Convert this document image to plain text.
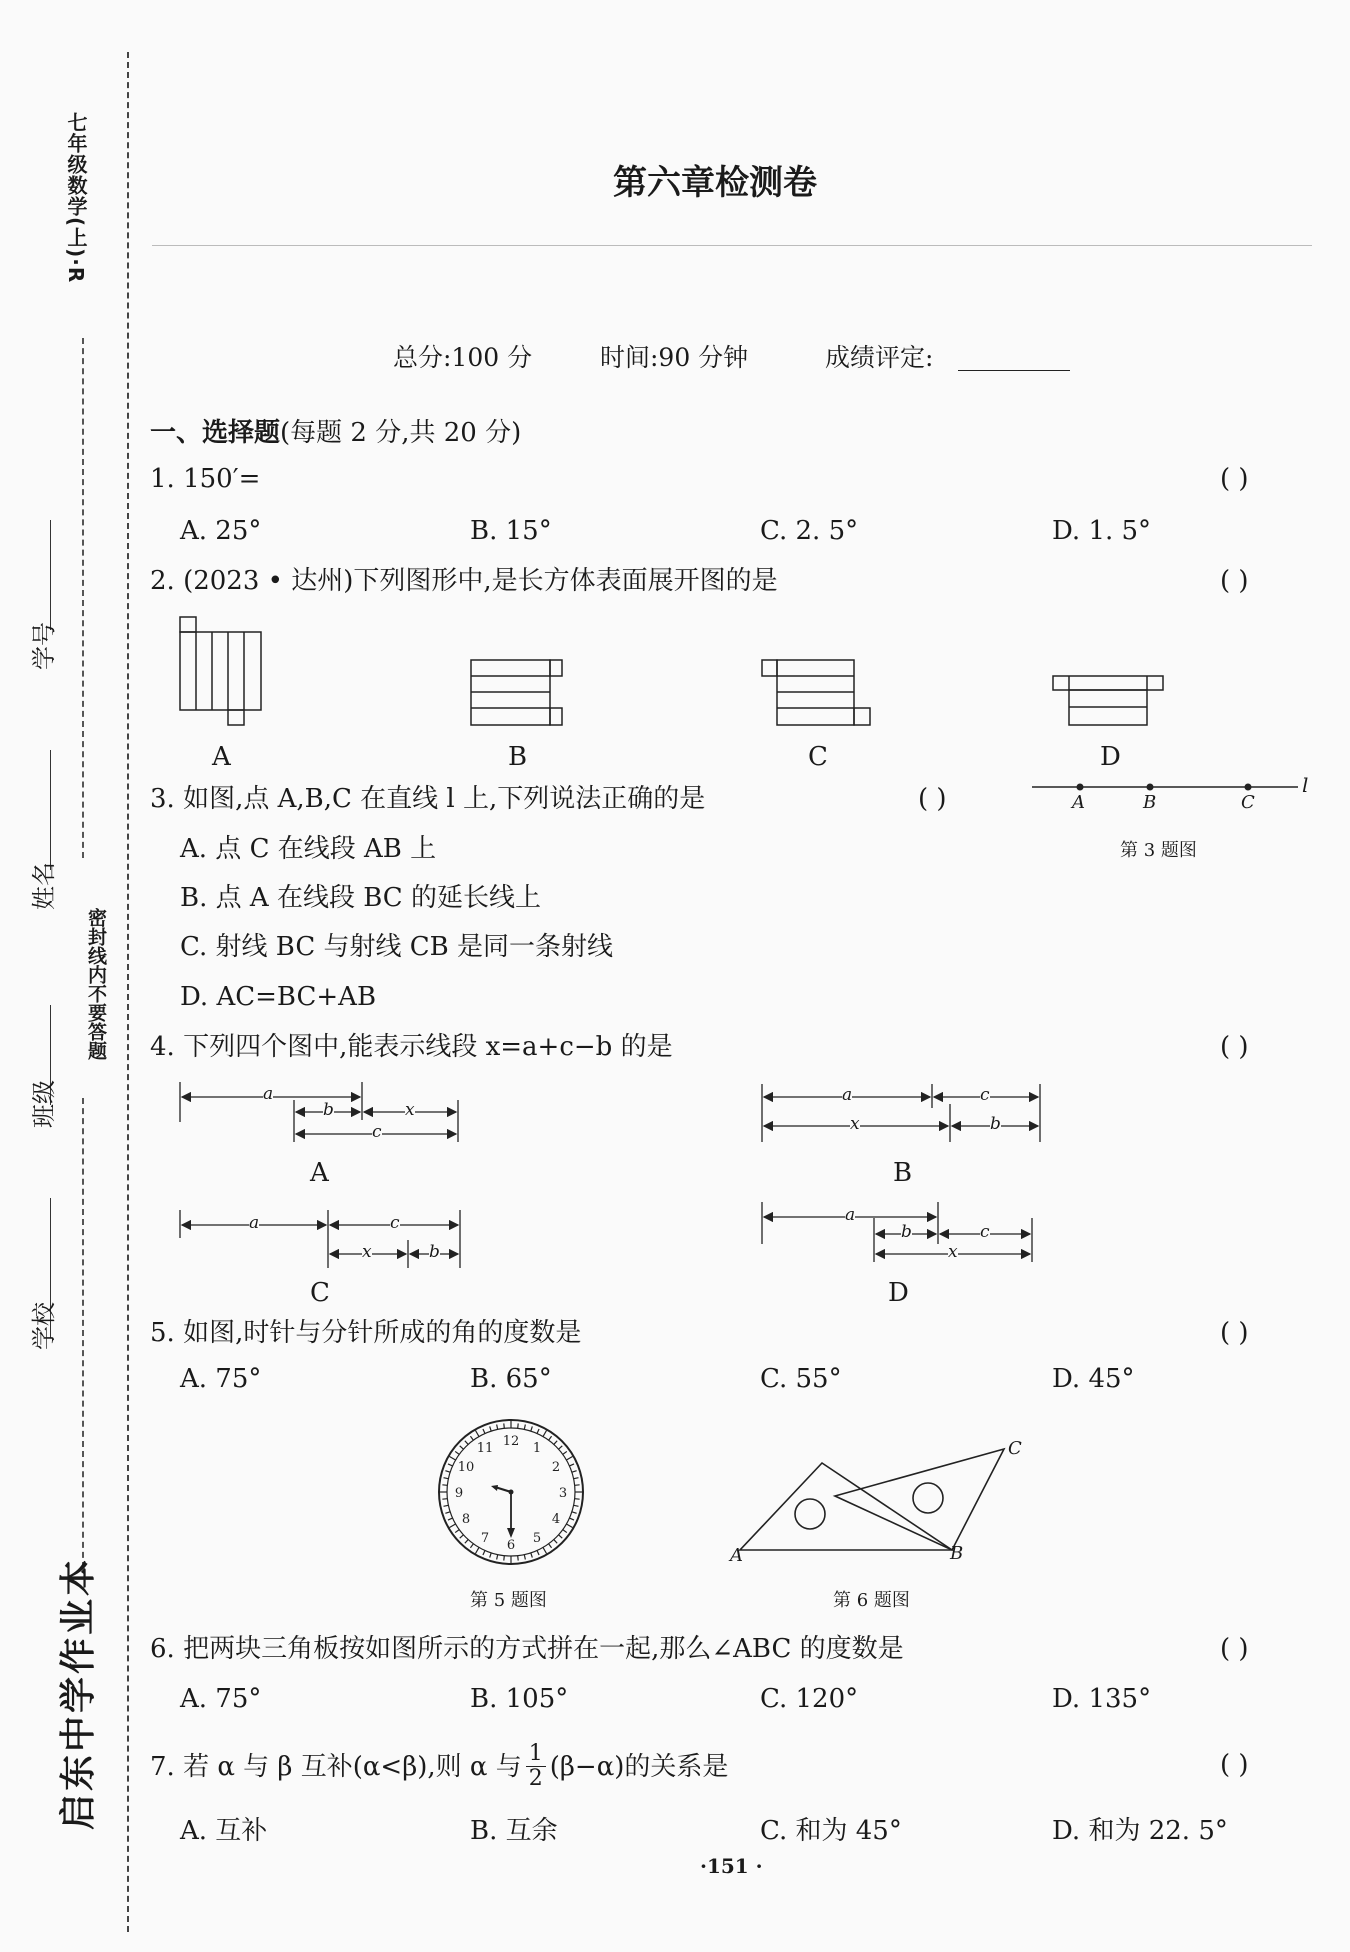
七年级数学(上)·R
密封线内不要答题
学号
姓名
班级
学校
启东中学作业本
第六章检测卷
总分:100 分	时间:90 分钟	成绩评定:
一、选择题(每题 2 分,共 20 分)
1. 150′=	( )
A. 25°	B. 15°	C. 2. 5°	D. 1. 5°
2. (2023 • 达州)下列图形中,是长方体表面展开图的是	( )
A	B	C	D
3. 如图,点 A,B,C 在直线 l 上,下列说法正确的是	( )
A. 点 C 在线段 AB 上
B. 点 A 在线段 BC 的延长线上
C. 射线 BC 与射线 CB 是同一条射线
D. AC=BC+AB
A	B	C
l
第 3 题图
4. 下列四个图中,能表示线段 x=a+c−b 的是	( )
a
b	x
c
a	c
x	b
a	c
x	b
a
b	c
x
A	B
C	D
5. 如图,时针与分针所成的角的度数是	( )
A. 75°	B. 65°	C. 55°	D. 45°
12 1
2
3
4
5
6
7
8
9
10
11
第 5 题图
A	B
C
第 6 题图
6. 把两块三角板按如图所示的方式拼在一起,那么∠ABC 的度数是	( )
A. 75°	B. 105°	C. 120°	D. 135°
7. 若 α 与 β 互补(α<β),则 α 与 $\frac{1}{2} (\beta-\alpha)$的关系是	( )
A. 互补	B. 互余	C. 和为 45°	D. 和为 22. 5°
·151 ·
